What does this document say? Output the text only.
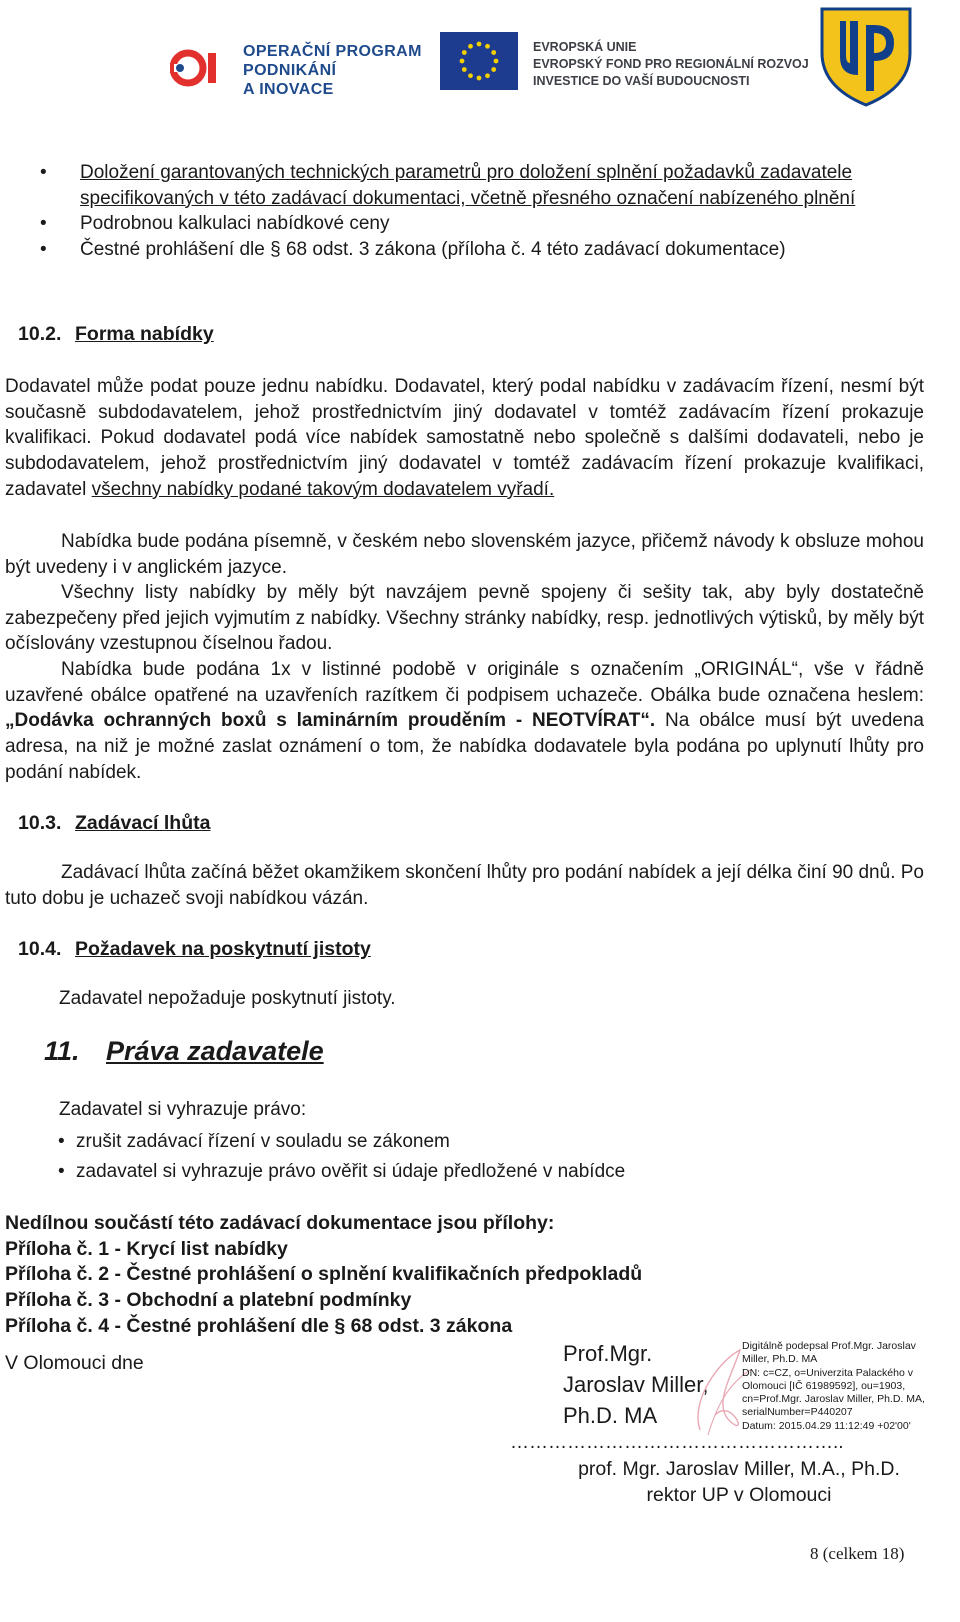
OPERAČNÍ PROGRAM
PODNIKÁNÍ
A INOVACE
EVROPSKÁ UNIE
EVROPSKÝ FOND PRO REGIONÁLNÍ ROZVOJ
INVESTICE DO VAŠÍ BUDOUCNOSTI
• Doložení garantovaných technických parametrů pro doložení splnění požadavků zadavatele specifikovaných v této zadávací dokumentaci, včetně přesného označení nabízeného plnění
• Podrobnou kalkulaci nabídkové ceny
• Čestné prohlášení dle § 68 odst. 3 zákona (příloha č. 4 této zadávací dokumentace)
10.2. Forma nabídky
Dodavatel může podat pouze jednu nabídku. Dodavatel, který podal nabídku v zadávacím řízení, nesmí být současně subdodavatelem, jehož prostřednictvím jiný dodavatel v tomtéž zadávacím řízení prokazuje kvalifikaci. Pokud dodavatel podá více nabídek samostatně nebo společně s dalšími dodavateli, nebo je subdodavatelem, jehož prostřednictvím jiný dodavatel v tomtéž zadávacím řízení prokazuje kvalifikaci, zadavatel všechny nabídky podané takovým dodavatelem vyřadí.
Nabídka bude podána písemně, v českém nebo slovenském jazyce, přičemž návody k obsluze mohou být uvedeny i v anglickém jazyce.
Všechny listy nabídky by měly být navzájem pevně spojeny či sešity tak, aby byly dostatečně zabezpečeny před jejich vyjmutím z nabídky. Všechny stránky nabídky, resp. jednotlivých výtisků, by měly být očíslovány vzestupnou číselnou řadou.
Nabídka bude podána 1x v listinné podobě v originále s označením „ORIGINÁL“, vše v řádně uzavřené obálce opatřené na uzavřeních razítkem či podpisem uchazeče. Obálka bude označena heslem: „Dodávka ochranných boxů s laminárním prouděním - NEOTVÍRAT“. Na obálce musí být uvedena adresa, na niž je možné zaslat oznámení o tom, že nabídka dodavatele byla podána po uplynutí lhůty pro podání nabídek.
10.3. Zadávací lhůta
Zadávací lhůta začíná běžet okamžikem skončení lhůty pro podání nabídek a její délka činí 90 dnů. Po tuto dobu je uchazeč svoji nabídkou vázán.
10.4. Požadavek na poskytnutí jistoty
Zadavatel nepožaduje poskytnutí jistoty.
11. Práva zadavatele
Zadavatel si vyhrazuje právo:
• zrušit zadávací řízení v souladu se zákonem
• zadavatel si vyhrazuje právo ověřit si údaje předložené v nabídce
Nedílnou součástí této zadávací dokumentace jsou přílohy:
Příloha č. 1 - Krycí list nabídky
Příloha č. 2 - Čestné prohlášení o splnění kvalifikačních předpokladů
Příloha č. 3 - Obchodní a platební podmínky
Příloha č. 4 - Čestné prohlášení dle § 68 odst. 3 zákona
V Olomouci dne	Prof.Mgr.
Jaroslav Miller,
Ph.D. MA
Digitálně podepsal Prof.Mgr. Jaroslav
Miller, Ph.D. MA
DN: c=CZ, o=Univerzita Palackého v
Olomouci [IČ 61989592], ou=1903,
cn=Prof.Mgr. Jaroslav Miller, Ph.D. MA,
serialNumber=P440207
Datum: 2015.04.29 11:12:49 +02'00'
……………………………………………..
prof. Mgr. Jaroslav Miller, M.A., Ph.D.
rektor UP v Olomouci
8 (celkem 18)
